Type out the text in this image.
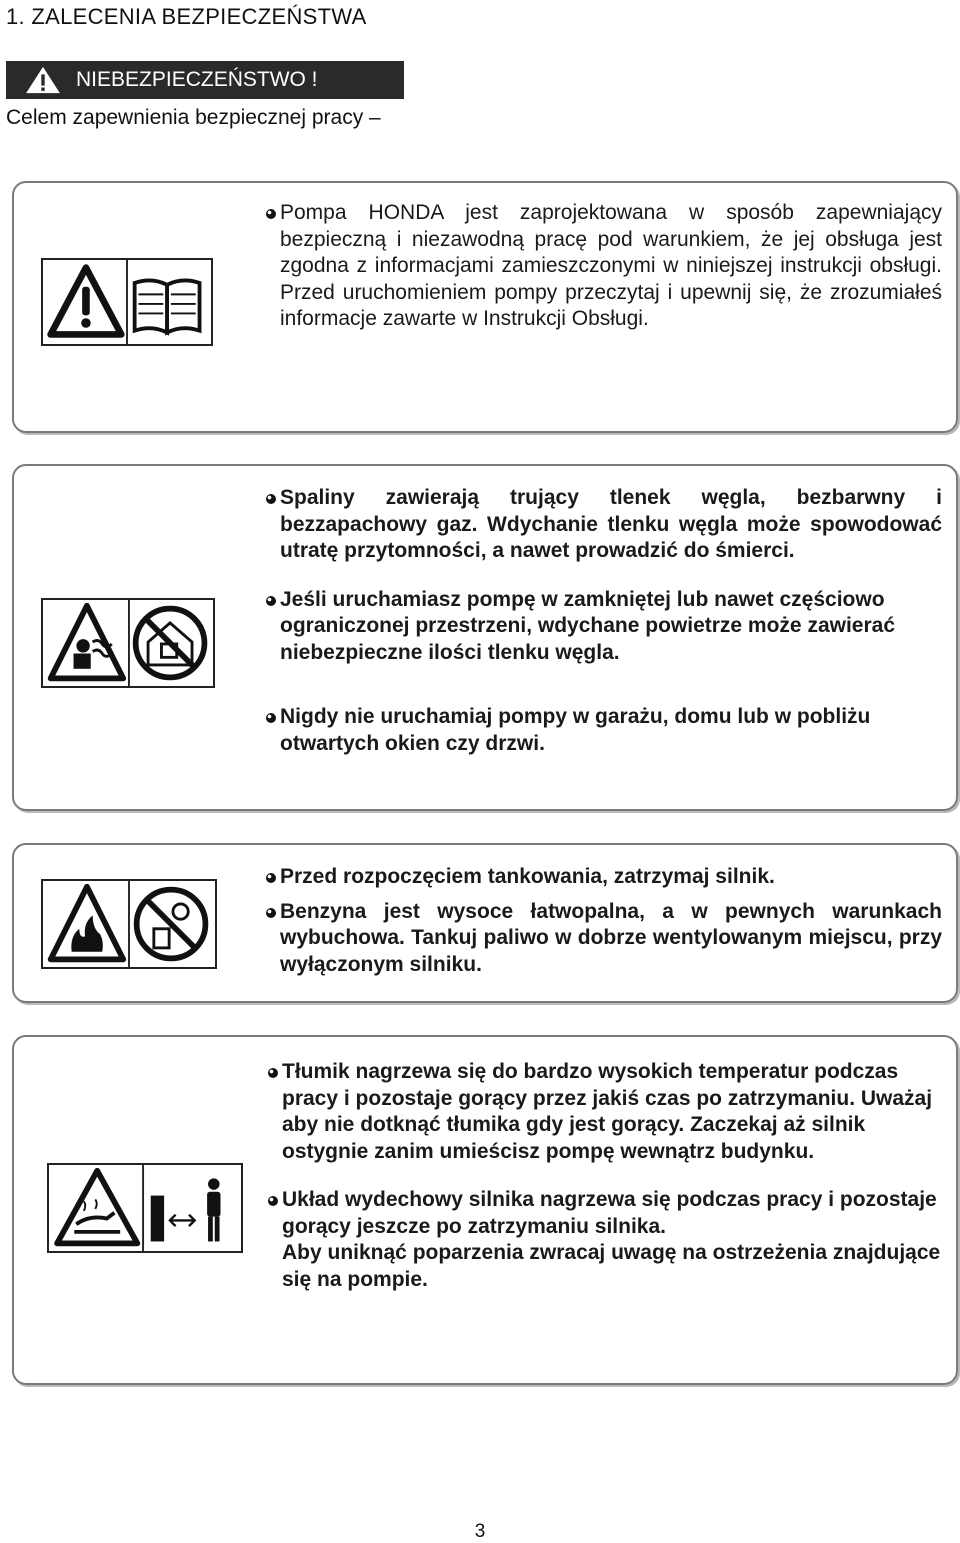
1. ZALECENIA BEZPIECZEŃSTWA
NIEBEZPIECZEŃSTWO !
Celem zapewnienia bezpiecznej pracy –
Pompa HONDA jest zaprojektowana w sposób zapewniający bezpieczną i niezawodną pracę pod warunkiem, że jej obsługa jest zgodna z informacjami zamieszczonymi w niniejszej instrukcji obsługi. Przed uruchomieniem pompy przeczytaj i upewnij się, że zrozumiałeś informacje zawarte w Instrukcji Obsługi.
Spaliny zawierają trujący tlenek węgla, bezbarwny i bezzapachowy gaz. Wdychanie tlenku węgla może spowodować utratę przytomności, a nawet prowadzić do śmierci.
Jeśli uruchamiasz pompę w zamkniętej lub nawet częściowo ograniczonej przestrzeni, wdychane powietrze może zawierać niebezpieczne ilości tlenku węgla.
Nigdy nie uruchamiaj pompy w garażu, domu lub w pobliżu otwartych okien czy drzwi.
Przed rozpoczęciem tankowania, zatrzymaj silnik.
Benzyna jest wysoce łatwopalna, a w pewnych warunkach wybuchowa. Tankuj paliwo w dobrze wentylowanym miejscu, przy wyłączonym silniku.
Tłumik nagrzewa się do bardzo wysokich temperatur podczas pracy i pozostaje gorący przez jakiś czas po zatrzymaniu. Uważaj aby nie dotknąć tłumika gdy jest gorący. Zaczekaj aż silnik ostygnie zanim umieścisz pompę wewnątrz budynku.
Układ wydechowy silnika nagrzewa się podczas pracy i pozostaje gorący jeszcze po zatrzymaniu silnika.
Aby uniknąć poparzenia zwracaj uwagę na ostrzeżenia znajdujące się na pompie.
3
